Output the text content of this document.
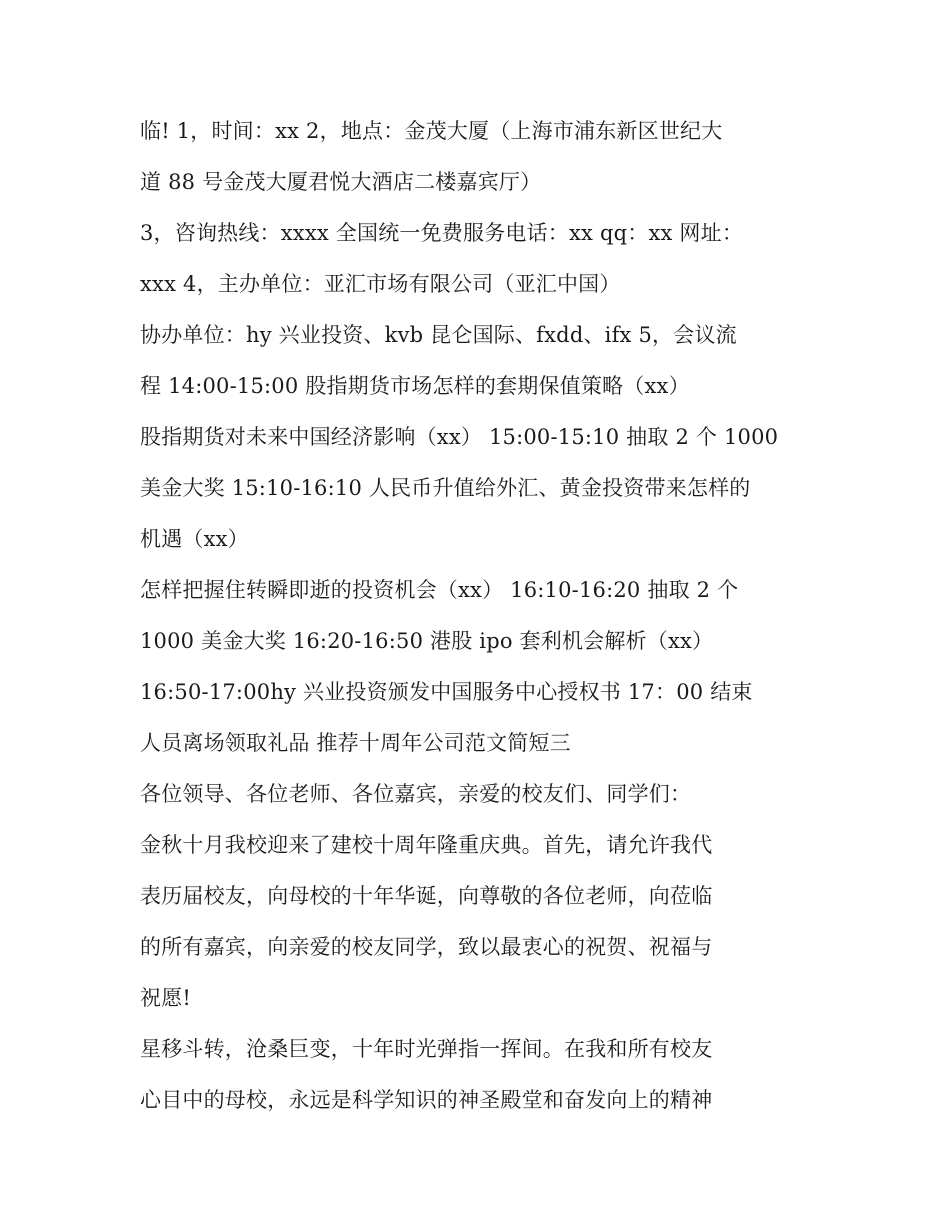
临! 1，时间：xx 2，地点：金茂大厦（上海市浦东新区世纪大
道 88 号金茂大厦君悦大酒店二楼嘉宾厅）
3，咨询热线：xxxx 全国统一免费服务电话：xx qq：xx 网址：
xxx 4，主办单位：亚汇市场有限公司（亚汇中国）
协办单位：hy 兴业投资、kvb 昆仑国际、fxdd、ifx 5，会议流
程 14:00-15:00 股指期货市场怎样的套期保值策略（xx）
股指期货对未来中国经济影响（xx） 15:00-15:10 抽取 2 个 1000
美金大奖 15:10-16:10 人民币升值给外汇、黄金投资带来怎样的
机遇（xx）
怎样把握住转瞬即逝的投资机会（xx） 16:10-16:20 抽取 2 个
1000 美金大奖 16:20-16:50 港股 ipo 套利机会解析（xx）
16:50-17:00hy 兴业投资颁发中国服务中心授权书 17：00 结束
人员离场领取礼品 推荐十周年公司范文简短三
各位领导、各位老师、各位嘉宾，亲爱的校友们、同学们：
金秋十月我校迎来了建校十周年隆重庆典。首先，请允许我代
表历届校友，向母校的十年华诞，向尊敬的各位老师，向莅临
的所有嘉宾，向亲爱的校友同学，致以最衷心的祝贺、祝福与
祝愿!
星移斗转，沧桑巨变，十年时光弹指一挥间。在我和所有校友
心目中的母校，永远是科学知识的神圣殿堂和奋发向上的精神
